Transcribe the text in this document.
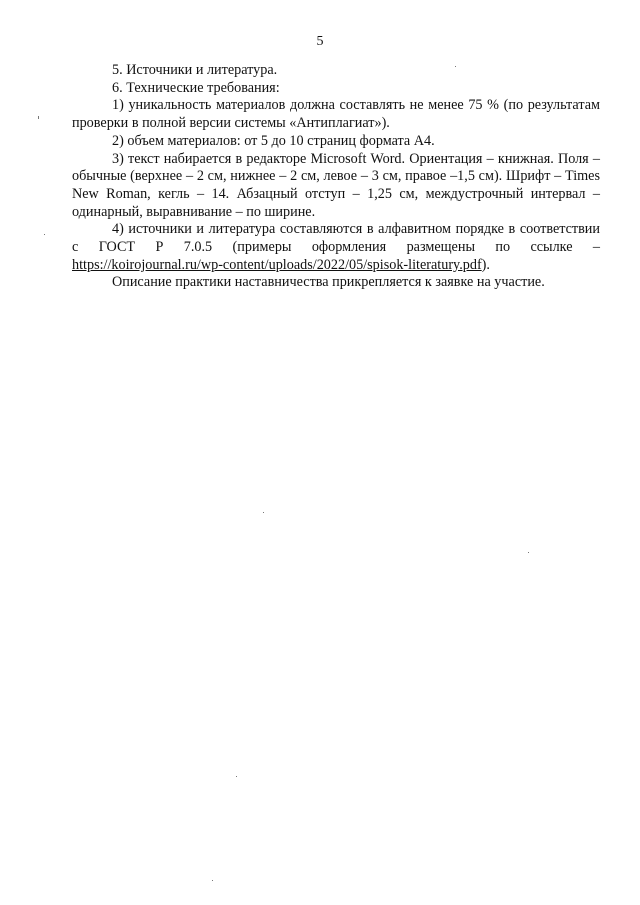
5

5. Источники и литература.

6. Технические требования:

1) уникальность материалов должна составлять не менее 75 % (по результатам проверки в полной версии системы «Антиплагиат»).

2) объем материалов: от 5 до 10 страниц формата А4.

3) текст набирается в редакторе Microsoft Word. Ориентация – книжная. Поля – обычные (верхнее – 2 см, нижнее – 2 см, левое – 3 см, правое –1,5 см). Шрифт – Times New Roman, кегль – 14. Абзацный отступ – 1,25 см, междустрочный интервал – одинарный, выравнивание – по ширине.

4) источники и литература составляются в алфавитном порядке в соответствии с ГОСТ Р 7.0.5 (примеры оформления размещены по ссылке – https://koirojournal.ru/wp-content/uploads/2022/05/spisok-literatury.pdf).

Описание практики наставничества прикрепляется к заявке на участие.
